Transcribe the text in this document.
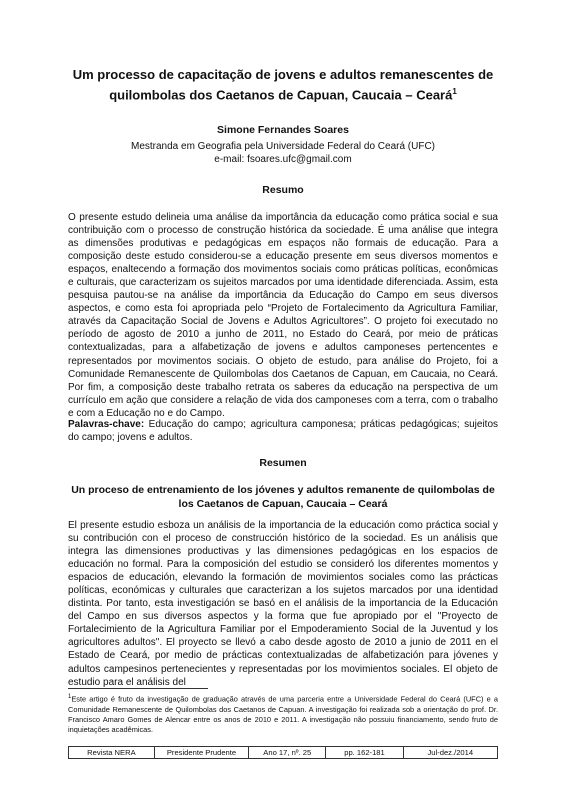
Um processo de capacitação de jovens e adultos remanescentes de quilombolas dos Caetanos de Capuan, Caucaia – Ceará$^1$
Simone Fernandes Soares
Mestranda em Geografia pela Universidade Federal do Ceará (UFC)
e-mail: fsoares.ufc@gmail.com
Resumo
O presente estudo delineia uma análise da importância da educação como prática social e sua contribuição com o processo de construção histórica da sociedade. É uma análise que integra as dimensões produtivas e pedagógicas em espaços não formais de educação. Para a composição deste estudo considerou-se a educação presente em seus diversos momentos e espaços, enaltecendo a formação dos movimentos sociais como práticas políticas, econômicas e culturais, que caracterizam os sujeitos marcados por uma identidade diferenciada. Assim, esta pesquisa pautou-se na análise da importância da Educação do Campo em seus diversos aspectos, e como esta foi apropriada pelo “Projeto de Fortalecimento da Agricultura Familiar, através da Capacitação Social de Jovens e Adultos Agricultores”. O projeto foi executado no período de agosto de 2010 a junho de 2011, no Estado do Ceará, por meio de práticas contextualizadas, para a alfabetização de jovens e adultos camponeses pertencentes e representados por movimentos sociais. O objeto de estudo, para análise do Projeto, foi a Comunidade Remanescente de Quilombolas dos Caetanos de Capuan, em Caucaia, no Ceará. Por fim, a composição deste trabalho retrata os saberes da educação na perspectiva de um currículo em ação que considere a relação de vida dos camponeses com a terra, com o trabalho e com a Educação no e do Campo.
Palavras-chave: Educação do campo; agricultura camponesa; práticas pedagógicas; sujeitos do campo; jovens e adultos.
Resumen
Un proceso de entrenamiento de los jóvenes y adultos remanente de quilombolas de los Caetanos de Capuan, Caucaia – Ceará
El presente estudio esboza un análisis de la importancia de la educación como práctica social y su contribución con el proceso de construcción histórico de la sociedad. Es un análisis que integra las dimensiones productivas y las dimensiones pedagógicas en los espacios de educación no formal. Para la composición del estudio se consideró los diferentes momentos y espacios de educación, elevando la formación de movimientos sociales como las prácticas políticas, económicas y culturales que caracterizan a los sujetos marcados por una identidad distinta. Por tanto, esta investigación se basó en el análisis de la importancia de la Educación del Campo en sus diversos aspectos y la forma que fue apropiado por el "Proyecto de Fortalecimiento de la Agricultura Familiar por el Empoderamiento Social de la Juventud y los agricultores adultos". El proyecto se llevó a cabo desde agosto de 2010 a junio de 2011 en el Estado de Ceará, por medio de prácticas contextualizadas de alfabetización para jóvenes y adultos campesinos pertenecientes y representadas por los movimientos sociales. El objeto de estudio para el análisis del
$^1$Este artigo é fruto da investigação de graduação através de uma parceria entre a Universidade Federal do Ceará (UFC) e a Comunidade Remanescente de Quilombolas dos Caetanos de Capuan. A investigação foi realizada sob a orientação do prof. Dr. Francisco Amaro Gomes de Alencar entre os anos de 2010 e 2011. A investigação não possuiu financiamento, sendo fruto de inquietações acadêmicas.
Revista NERA	Presidente Prudente	Ano 17, nº. 25	pp. 162-181	Jul-dez./2014
